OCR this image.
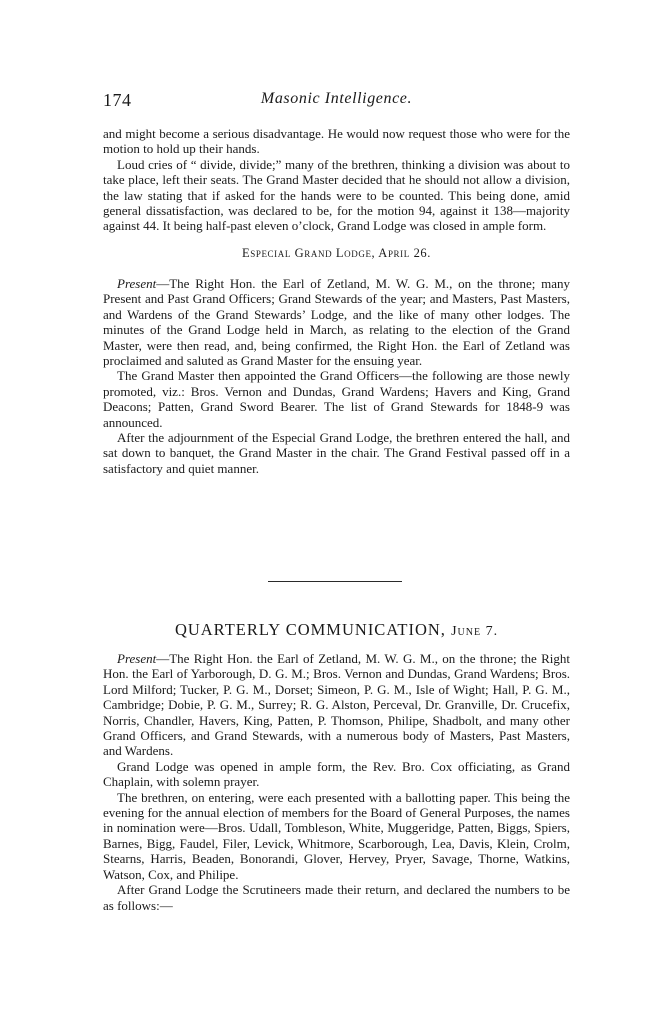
174	Masonic Intelligence.

and might become a serious disadvantage. He would now request those who were for the motion to hold up their hands.

Loud cries of “ divide, divide;” many of the brethren, thinking a division was about to take place, left their seats. The Grand Master decided that he should not allow a division, the law stating that if asked for the hands were to be counted. This being done, amid general dissatisfaction, was declared to be, for the motion 94, against it 138—majority against 44. It being half-past eleven o’clock, Grand Lodge was closed in ample form.

Especial Grand Lodge, April 26.

Present—The Right Hon. the Earl of Zetland, M. W. G. M., on the throne; many Present and Past Grand Officers; Grand Stewards of the year; and Masters, Past Masters, and Wardens of the Grand Stewards’ Lodge, and the like of many other lodges. The minutes of the Grand Lodge held in March, as relating to the election of the Grand Master, were then read, and, being confirmed, the Right Hon. the Earl of Zetland was proclaimed and saluted as Grand Master for the ensuing year.

The Grand Master then appointed the Grand Officers—the following are those newly promoted, viz.: Bros. Vernon and Dundas, Grand Wardens; Havers and King, Grand Deacons; Patten, Grand Sword Bearer. The list of Grand Stewards for 1848-9 was announced.

After the adjournment of the Especial Grand Lodge, the brethren entered the hall, and sat down to banquet, the Grand Master in the chair. The Grand Festival passed off in a satisfactory and quiet manner.

QUARTERLY COMMUNICATION, June 7.

Present—The Right Hon. the Earl of Zetland, M. W. G. M., on the throne; the Right Hon. the Earl of Yarborough, D. G. M.; Bros. Vernon and Dundas, Grand Wardens; Bros. Lord Milford; Tucker, P. G. M., Dorset; Simeon, P. G. M., Isle of Wight; Hall, P. G. M., Cambridge; Dobie, P. G. M., Surrey; R. G. Alston, Perceval, Dr. Granville, Dr. Crucefix, Norris, Chandler, Havers, King, Patten, P. Thomson, Philipe, Shadbolt, and many other Grand Officers, and Grand Stewards, with a numerous body of Masters, Past Masters, and Wardens.

Grand Lodge was opened in ample form, the Rev. Bro. Cox officiating, as Grand Chaplain, with solemn prayer.

The brethren, on entering, were each presented with a ballotting paper. This being the evening for the annual election of members for the Board of General Purposes, the names in nomination were—Bros. Udall, Tombleson, White, Muggeridge, Patten, Biggs, Spiers, Barnes, Bigg, Faudel, Filer, Levick, Whitmore, Scarborough, Lea, Davis, Klein, Crolm, Stearns, Harris, Beaden, Bonorandi, Glover, Hervey, Pryer, Savage, Thorne, Watkins, Watson, Cox, and Philipe.

After Grand Lodge the Scrutineers made their return, and declared the numbers to be as follows:—
